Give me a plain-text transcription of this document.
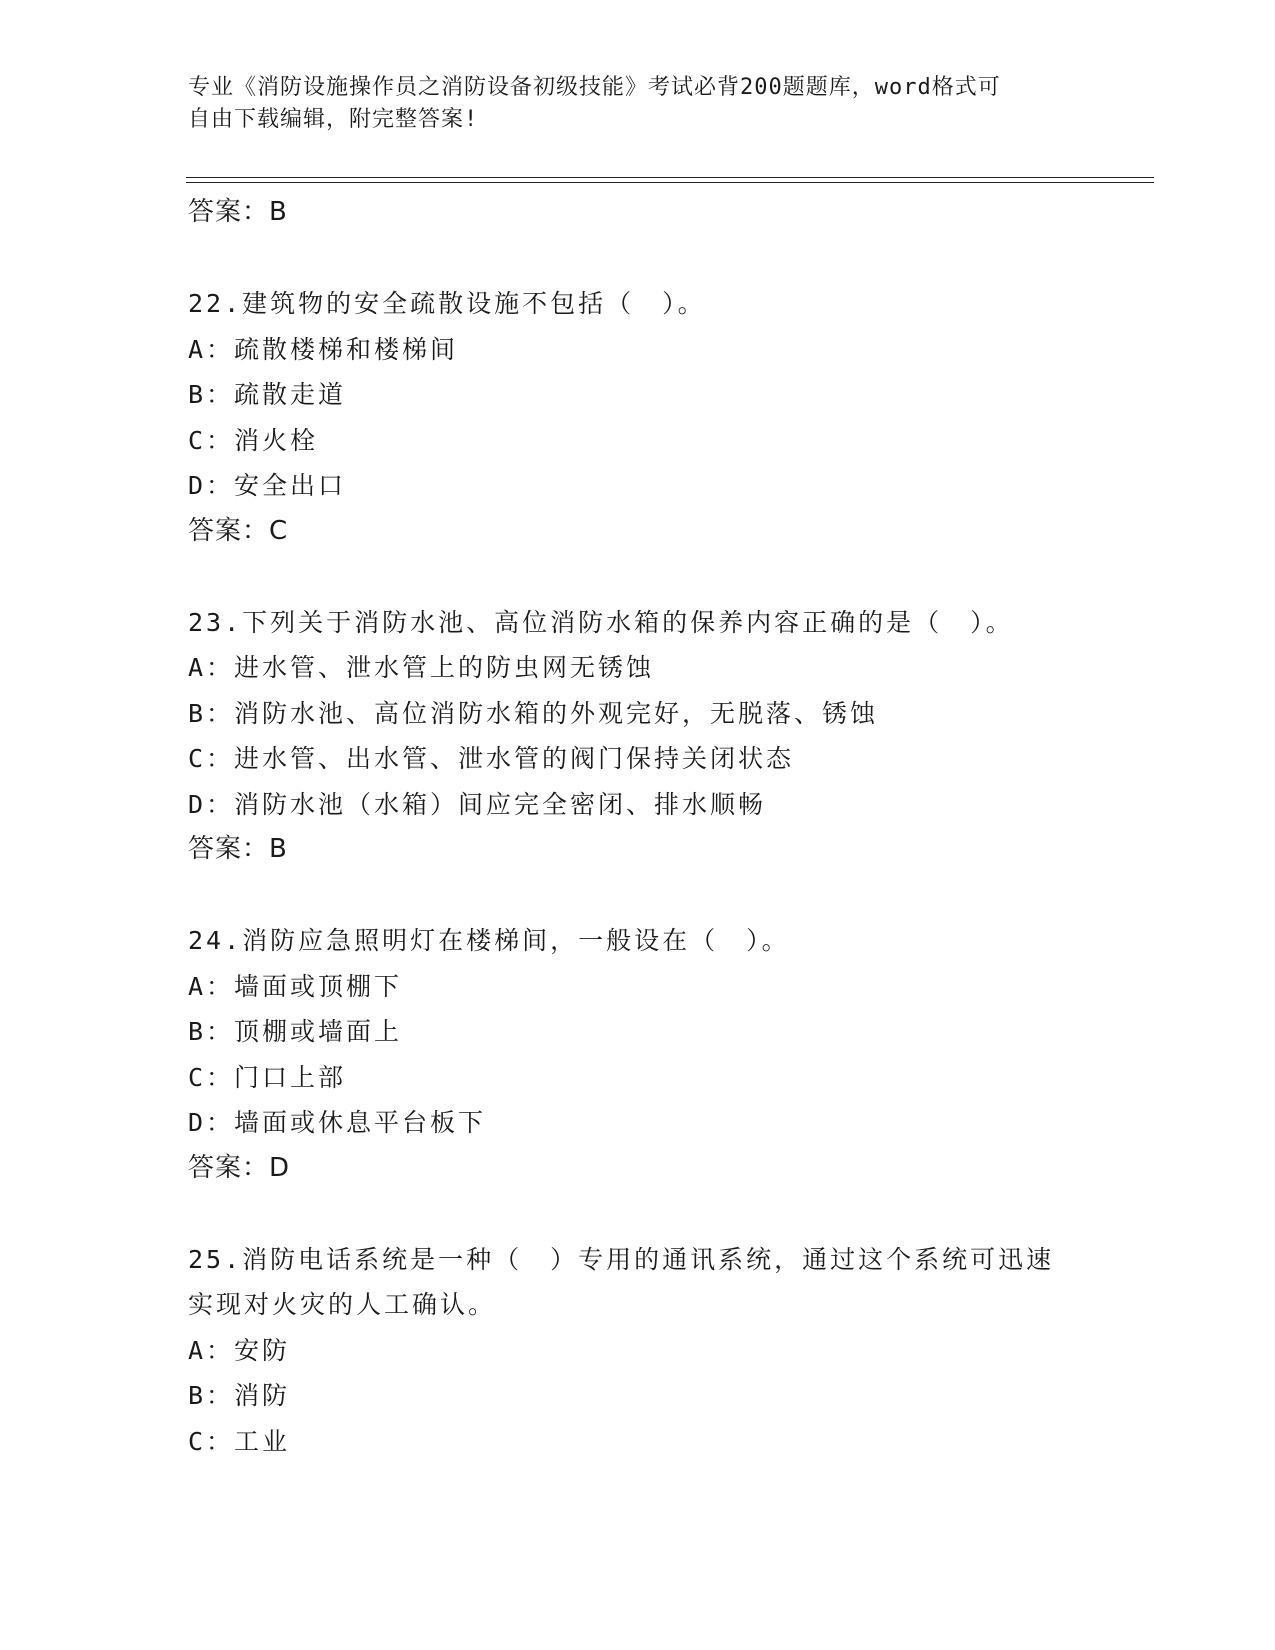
专业《消防设施操作员之消防设备初级技能》考试必背200题题库，word格式可
自由下载编辑，附完整答案!
答案：B
22.建筑物的安全疏散设施不包括（　）。
A：疏散楼梯和楼梯间
B：疏散走道
C：消火栓
D：安全出口
答案：C
23.下列关于消防水池、高位消防水箱的保养内容正确的是（　）。
A：进水管、泄水管上的防虫网无锈蚀
B：消防水池、高位消防水箱的外观完好，无脱落、锈蚀
C：进水管、出水管、泄水管的阀门保持关闭状态
D：消防水池（水箱）间应完全密闭、排水顺畅
答案：B
24.消防应急照明灯在楼梯间，一般设在（　）。
A：墙面或顶棚下
B：顶棚或墙面上
C：门口上部
D：墙面或休息平台板下
答案：D
25.消防电话系统是一种（　）专用的通讯系统，通过这个系统可迅速
实现对火灾的人工确认。
A：安防
B：消防
C：工业
